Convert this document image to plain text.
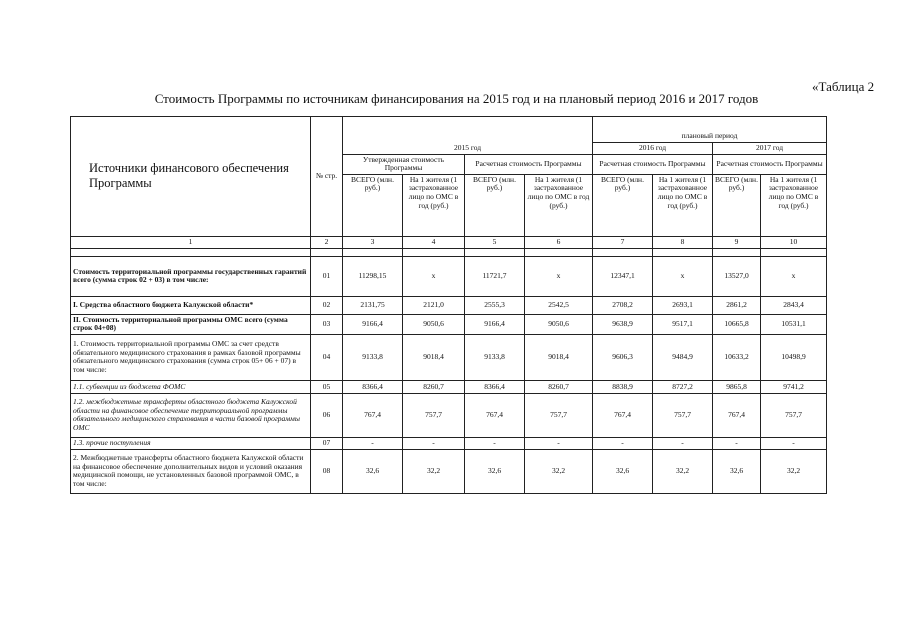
«Таблица 2
Стоимость Программы по источникам финансирования на 2015 год и на плановый период 2016 и 2017 годов
Источники финансового обеспечения Программы	№ стр.	2015 год				плановый период			
						2016 год		2017 год	
		Утвержденная стоимость Программы		Расчетная стоимость Программы		Расчетная стоимость Программы		Расчетная стоимость Программы	
		ВСЕГО (млн. руб.)	На 1 жителя (1 застрахованное лицо по ОМС в год (руб.)	ВСЕГО (млн. руб.)	На 1 жителя (1 застрахованное лицо по ОМС в год (руб.)	ВСЕГО (млн. руб.)	На 1 жителя (1 застрахованное лицо по ОМС в год (руб.)	ВСЕГО (млн. руб.)	На 1 жителя (1 застрахованное лицо по ОМС в год (руб.)
1	2	3	4	5	6	7	8	9	10

Стоимость территориальной программы государственных гарантий всего (сумма строк 02 + 03) в том числе:	01	11298,15	х	11721,7	х	12347,1	х	13527,0	х
I. Средства областного бюджета Калужской области*	02	2131,75	2121,0	2555,3	2542,5	2708,2	2693,1	2861,2	2843,4
II. Стоимость территориальной программы ОМС всего (сумма строк 04+08)	03	9166,4	9050,6	9166,4	9050,6	9638,9	9517,1	10665,8	10531,1
1. Стоимость территориальной программы ОМС за счет средств обязательного медицинского страхования в рамках базовой программы обязательного медицинского страхования (сумма строк 05+ 06 + 07) в том числе:	04	9133,8	9018,4	9133,8	9018,4	9606,3	9484,9	10633,2	10498,9
1.1. субвенции из бюджета ФОМС	05	8366,4	8260,7	8366,4	8260,7	8838,9	8727,2	9865,8	9741,2
1.2. межбюджетные трансферты областного бюджета Калужской области на финансовое обеспечение территориальной программы обязательного медицинского страхования в части базовой программы ОМС	06	767,4	757,7	767,4	757,7	767,4	757,7	767,4	757,7
1.3. прочие поступления	07	-	-	-	-	-	-	-	-
2. Межбюджетные трансферты областного бюджета Калужской области на финансовое обеспечение дополнительных видов и условий оказания медицинской помощи, не установленных базовой программой ОМС, в том числе:	08	32,6	32,2	32,6	32,2	32,6	32,2	32,6	32,2
